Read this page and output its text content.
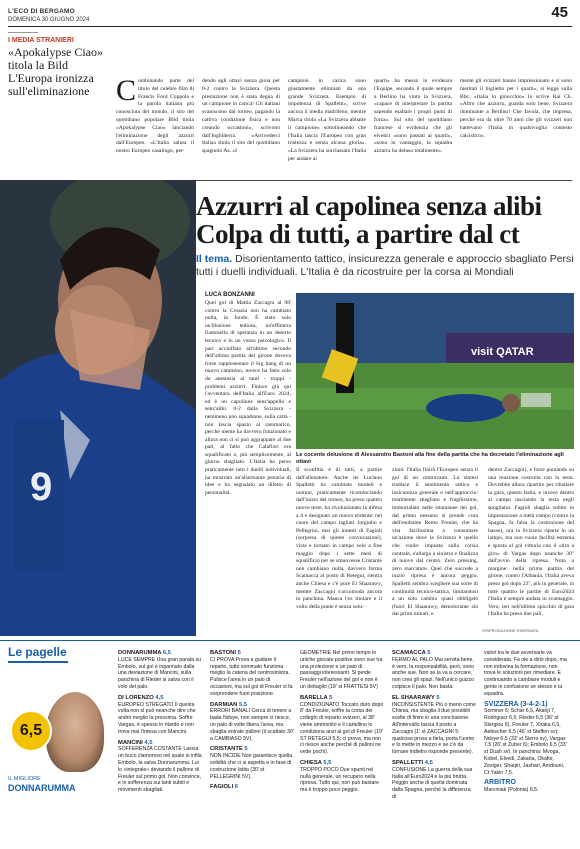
L'ECO DI BERGAMO
DOMENICA 30 GIUGNO 2024	45
I MEDIA STRANIERI
«Apokalypse Ciao» titola la Bild L'Europa ironizza sull'eliminazione Combinando parte del titolo del celebre film di Francis Ford Coppola e la parola italiana più conosciuta del mondo, il sito del quotidiano popolare Bild titola «Apokalypse Ciao» lanciando l'eliminazione degli azzurri dall'Europeo. «L'Italia saluta il nostro Europeo casalingo, per-
dendo agli ottavi senza gioia per 0-2 contro la Svizzera. Questa prestazione non è stata degna di un campione in carica! Gli italiani svaniscono dal torneo, pagando la cattiva condizione fisica e non creando occasioni», scrivono dall'Inghilterra. «Arrivederci Italia» titola il sito del quotidiano spagnolo As. «I
campioni in carica sono giustamente eliminati da una grande Svizzera. Esempio di impotenza di Spalletti», scrive ancora il media madrileno, mentre Marca titola «La Svizzera abbatte il campione» sottolineando che l'Italia lascia l'Europeo con gran tristezza e senza alcuna gloria». «La Svizzera ha surclassato l'Italia per andare ai
quarti» ha messo in evidenza l'Equipe, secondo il quale sempre a Berlino ha vinto la Svizzera, «capace di interpretare la partita sapendo esaltare i propri punti di forza». Sul sito del quotidiano francese si evidenzia che gli elvetici «sono passati ai quarti», «sono in vantaggio, la squadra azzurra ha deluso totalmente».
mente gli svizzeri hanno impressionato e si sono meritati il biglietto per i quarti», si legge sulla Bbc. «Italia in ginocchio» lo scrive Rai Ch. «Altro che azzurro, guarda solo bene. Svizzera dominante a Berlino! Che favola, che impresa, perché era da oltre 70 anni che gli svizzeri non battevano l'Italia in qualsivoglia contesto calcistico».
9
Azzurri al capolinea senza alibi
Colpa di tutti, a partire dal ct
Il tema. Disorientamento tattico, insicurezza generale e approccio sbagliato Persi tutti i duelli individuali. L'Italia è da ricostruire per la corsa ai Mondiali
LUCA BONZANNI
Quel gol di Mattia Zaccagni al 98' contro la Croazia non ha cambiato nulla, in fondo. È stato solo un'illusione tediosa, un'effimera fiammella di speranza in un deserto tecnico e in un vuoto psicologico. Il pari acciuffato all'ultimo secondo dell'ultima partita del girone doveva forse rappresentare il big bang di un nuovo cammino, invece ha fatto solo da anestesia al tanti - troppi - problemi azzurri. Finisce giù qui l'avventura dell'Italia all'Euro 2024, ed è un capolinea senz'appello e senz'alibi. 0-2 dalla Svizzera - nemmeno uno squadrone, sulla carta - non lascia spazio al rammarico, perché niente ha davvero funzionato e allora non ci si può aggrappare al due pali, al fatto che Calafiori era squalificato o, più semplicemente, al giorno sbagliato. L'Italia ha perso praticamente tutti i duelli individuali, ha mostrato un'allarmante penuria di idee e ha segnalato un difetto di personalità.
visit QATAR
Le cocente delusione di Alessandro Bastoni alla fine della partita che ha decretato l'eliminazione agli ottavi
Il sconfitta è di tutti, a partire dall'allenatore. Anche lei Luciano Spalletti ha cambiato moduli e uomini, praticamente ricominciando dall'inizio del torneo, ha preso quattro nuove teste, ha rivoluzionato la difesa a 4 e designato un nuovo tridente: nel cuore del campo tagliati Jorginho e Pellegrini, mai gli innesti di Fagioli (sorpresa di queste convocazioni), vista e tornato in campo solo a fine maggio dopo i sette mesi di squalifica) per se smuovesse Cristante non cambiano nulla, davvero forma Scamacca al posto di Retegui, rientra anche Chiesa e c'è pure El Shaarawy, mentre Zaccagni s'accomoda ancora in panchina. Manca l'ex titolare e il volto della punte è senza solu-
zioni: l'Italia finirà l'Europeo senza il gol di un centravanti. La sintesi tradisce il sentimento tattico e insicurezza generale e nell'approccio: totalmente sbagliato e fragilissimo, immortalato nelle istantanee dei gol, dal primo nessuno si prende cura dell'esultante Remo Freuler, che ha vita facilissima a consumare un'azione dove la Svizzera è quello che vuole: imposta sulla corsia centrale, s'allarga a sinistra e finalizza di nuovo dal centro. Zero pressing, zero marcature. Quel che succede a inizio ripresa è ancora peggio. Spalletti sembra scegliere sua sorte di continuità tecnico-tattica, limitandosi a un solo cambio quasi obbligato (fuori El Shaarawy, demolorante sin dai primi minuti, e
dentro Zaccagni), e forse puntando su una reazione costruita con la testa. Dovrebbe allora ripartire per ribaltare la gara, questo Italia, e invece dentro al campo lasciando la testa negli spogliatoi. Fagioli sbaglia subito in impostazione a metà campo (contro la Spagna, fa falsa la costruzione del basso), ora la Svizzera riparte in un lampo, ma non vuole facilità estrema e sposta al gol vittoria con il «tiro a giro» di Vargas dopo neanche 30'' dall'avvio della ripresa. Nota a margine: nella prima partita del girone, contro l'Albania, l'Italia aveva preso gol dopo 23'', più in generale, in tutte quattro le partite di Euro2024 l'Italia è sempre andata in svantaggio. Vero, ieri nell'ultimo spicchio di gara l'Italia ha preso due pali,
©RIPRODUZIONE RISERVATA
Le pagelle
6,5
IL MIGLIORE
DONNARUMMA
DONNARUMMA 6,5
LUCE SEMPRE Una gran parata su Embolo, sul gol è ingannato dalla una deviazione di Mancini, sulla panchina di Rieder si salva con il volo del palo.
DI LORENZO 4,5
EUROPEO STREGATO Il questa volta non si può neanche dire che andrò meglio la prossima. Soffre Vargas, è spesso in ritardo e non trova mai l'intesa con Mancini.
MANCINI 4,5
SOFFERENZA COSTANTE Lascia un buco clamoroso nel quale si infila Embolo, la salva Donnarumma. Lui lo «integrale» deviando il pallone di Freuler sul primo gol. Non convince, e in sofferenza sui tanti subiti e movimenti sbagliati.
BASTONI 5
CI PROVA Prova a guidare il reparto, tutto sommato funziona meglio la catena del centrosinistra. Pulisce l'area in un paio di occasioni, ma sul gol di Freuler si fa sorprendere fuori posizione.
DARMIAN 5,5
ERRORI BANALI Cerca di tenere a bada Ndoye, non sempre ci riesce, un paio di volte libera l'area, ma sbaglia entrate palloni (il scattato 30' a CAMBIASO 5V).
CRISTANTE 5
NON INCIDE Non garantisce quella solidità che ci si aspetta e in fase di costruzione latita (30' st PELLEGRINI 5V).
FAGIOLI 6
GEOMETRIE Nel primo tempo le uniche giocate positive sono sue tra una proiezione e un paio di passaggi interessanti. Si perde Freuler nell'azione del gol e non è un dettaglio (18' st FRATTESI 5V)
BARELLA 5
CONDIZIONATO Toccato duro dopo 8' da Freuler, soffre la corsa dei colleghi di reparto svizzeri, al 38' viene ammonito e il cartellino lo condiziona anzi al gol di Freuler (19' ST RETEGUI 5,5; ci prova, ma non ci riesce anche perché di palloni ne vede pochi).
CHIESA 5,5
TROPPO POCO Due spunti nel nulla generale, un recupero nella ripresa. Tutto qui, non può bastare ma è troppo poco peggio.
SCAMACCA 5
FERMO AL PALO Mai servita bene, è vero, la responsabilità, però, sono anche sue. Non se la va a cercare, non crea gli spazi. Nell'unico guizzo colpisce il palo. Non basta.
EL SHAARAWY 5
INCONSISTENTE Più o meno come Chiesa, ma sbaglia il due possibili scelte di finire in una conclusione. All'intervallo lascia il posto a Zaccagni (1' st ZACCAGNI 5: qualcosa prova a farla, porta l'uomo e lo mette in mezzo e se c'è da tornare indietro risponde presente).
SPALLETTI 4,5
CONFUSIONE La guerra della sua Italia all'Euro2024 è la più brutta. Peggio anche di quella dominata dalla Spagna, perché la differenza di
valori tra le due avversarie va considerata. Fa ole a dirlo dopo, ma non indovina la formazione, non trova le soluzioni per rimediare. E continuando a cambiare moduli e gente in confusione se stesso e la squadra.
SVIZZERA (3-4-2-1)
Sommer 6; Schar 6,5, Akanji 7, Rodriguez 6,5; Rieder 6,5 (36' st Stergiou 6), Freuler 7, Xhaka 6,5, Aebischer 6,5 (46' st Steffen sv); Ndoye 6,5 (33' st Sierro sv), Vargas 7,5 (26' st Zuber 6); Embolo 6,5 (33' st Duah sv). In panchina: Mvoga, Kobel, Elvedi, Zakaria, Okafor, Zesiger, Shaqiri, Jashari, Amdouni. Ct Yakin 7,5.
ARBITRO
Marciniak (Polonia) 6,5.
